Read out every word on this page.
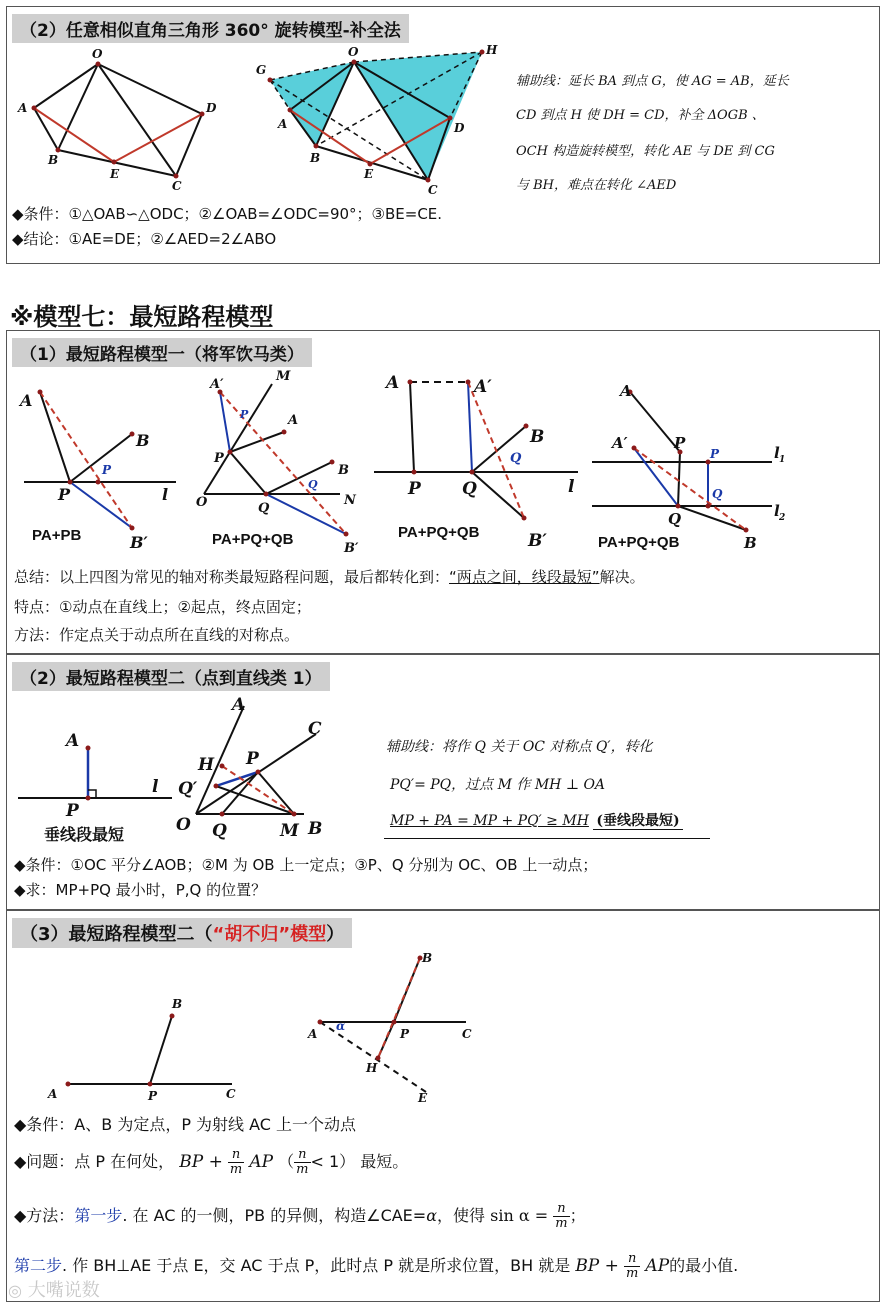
（2）任意相似直角三角形 360° 旋转模型-补全法
O
A
B
E
C
D
G
O	H
A	D
B
E
C
辅助线：延长 BA 到点 G，使 AG = AB，延长
CD 到点 H 使 DH = CD，补全 ΔOGB 、
OCH 构造旋转模型，转化 AE 与 DE 到 CG
与 BH，难点在转化 ∠AED
◆条件：①△OAB∽△ODC；②∠OAB=∠ODC=90°；③BE=CE.
◆结论：①AE=DE；②∠AED=2∠ABO
※模型七：最短路程模型
（1）最短路程模型一（将军饮马类）
A
B
P	l
B′
P
PA+PB
A′
M
A
P
O	Q
B
N
B′
P
Q
PA+PQ+QB
A	A′
P Q
B
l
B′
Q
PA+PQ+QB
A
A′	P
Q
B
l
l
1
2
P
Q
PA+PQ+QB
总结：以上四图为常见的轴对称类最短路程问题，最后都转化到：“两点之间，线段最短”解决。
特点：①动点在直线上；②起点，终点固定；
方法：作定点关于动点所在直线的对称点。
（2）最短路程模型二（点到直线类 1）
A
P
l
垂线段最短
A
C
H P
Q′
O Q	M B
辅助线：将作 Q 关于 OC 对称点 Q′，转化
PQ′= PQ，过点 M 作 MH ⊥ OA
MP + PA = MP + PQ′ ≥ MH (垂线段最短)
◆条件：①OC 平分∠AOB；②M 为 OB 上一定点；③P、Q 分别为 OC、OB 上一动点；
◆求：MP+PQ 最小时，P,Q 的位置？
（3）最短路程模型二（“胡不归”模型）
A	P	C
B
A	P	C
B
H
E
α
◆条件：A、B 为定点，P 为射线 AC 上一个动点
◆问题：点 P 在何处， BP + $\frac{n}{m}$ AP （ $\frac{n}{m} < 1$） 最短。
◆方法：第一步. 在 AC 的一侧，PB 的异侧，构造∠CAE=α，使得 $\sin \alpha = \frac{n}{m}$ ；
第二步. 作 BH⊥AE 于点 E，交 AC 于点 P，此时点 P 就是所求位置，BH 就是 BP + $\frac{n}{m}$ AP的最小值.
◎ 大嘴说数
